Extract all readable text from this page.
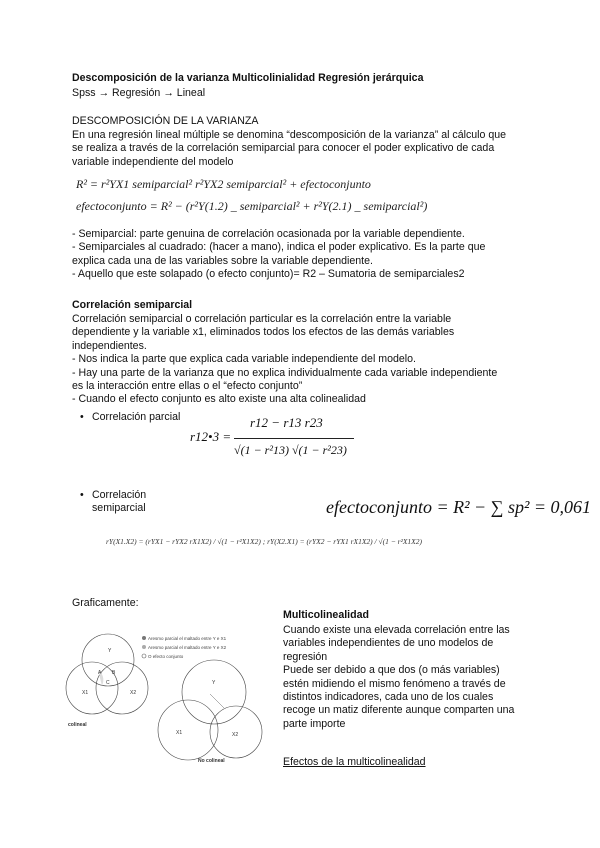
Descomposición de la varianza Multicolinialidad Regresión jerárquica
Spss → Regresión → Lineal
DESCOMPOSICIÓN DE LA VARIANZA
En una regresión lineal múltiple se denomina “descomposición de la varianza” al cálculo que
se realiza a través de la correlación semiparcial para conocer el poder explicativo de cada
variable independiente del modelo
R² = r²YX1 semiparcial² r²YX2 semiparcial² + efectoconjunto
efectoconjunto = R² − (r²Y(1.2) _ semiparcial² + r²Y(2.1) _ semiparcial²)
- Semiparcial: parte genuina de correlación ocasionada por la variable dependiente.
- Semiparciales al cuadrado: (hacer a mano), indica el poder explicativo. Es la parte que
explica cada una de las variables sobre la variable dependiente.
- Aquello que este solapado (o efecto conjunto)= R2 – Sumatoria de semiparciales2
Correlación semiparcial
Correlación semiparcial o correlación particular es la correlación entre la variable
dependiente y la variable x1, eliminados todos los efectos de las demás variables
independientes.
- Nos indica la parte que explica cada variable independiente del modelo.
- Hay una parte de la varianza que no explica individualmente cada variable independiente
es la interacción entre ellas o el “efecto conjunto”
- Cuando el efecto conjunto es alto existe una alta colinealidad
• Correlación parcial
• Correlación
semiparcial
r12•3 =
r12 − r13 r23
√(1 − r²13) √(1 − r²23)
efectoconjunto = R² − ∑ sp² = 0,061
rY(X1.X2) = (rYX1 − rYX2 rX1X2) / √(1 − r²X1X2) ; rY(X2.X1) = (rYX2 − rYX1 rX1X2) / √(1 − r²X1X2)
Graficamente:
Aresmo parcial el maltado entre Y e X1
Aresmo parcial el maltado entre Y e X2
O efecto conjunto
Y
A B
C
X1	X2
colineal
Y
X1	X2
No colineal
Multicolinealidad
Cuando existe una elevada correlación entre las
variables independientes de uno modelos de
regresión
Puede ser debido a que dos (o más variables)
estén midiendo el mismo fenómeno a través de
distintos indicadores, cada uno de los cuales
recoge un matiz diferente aunque comparten una
parte importe
Efectos de la multicolinealidad
